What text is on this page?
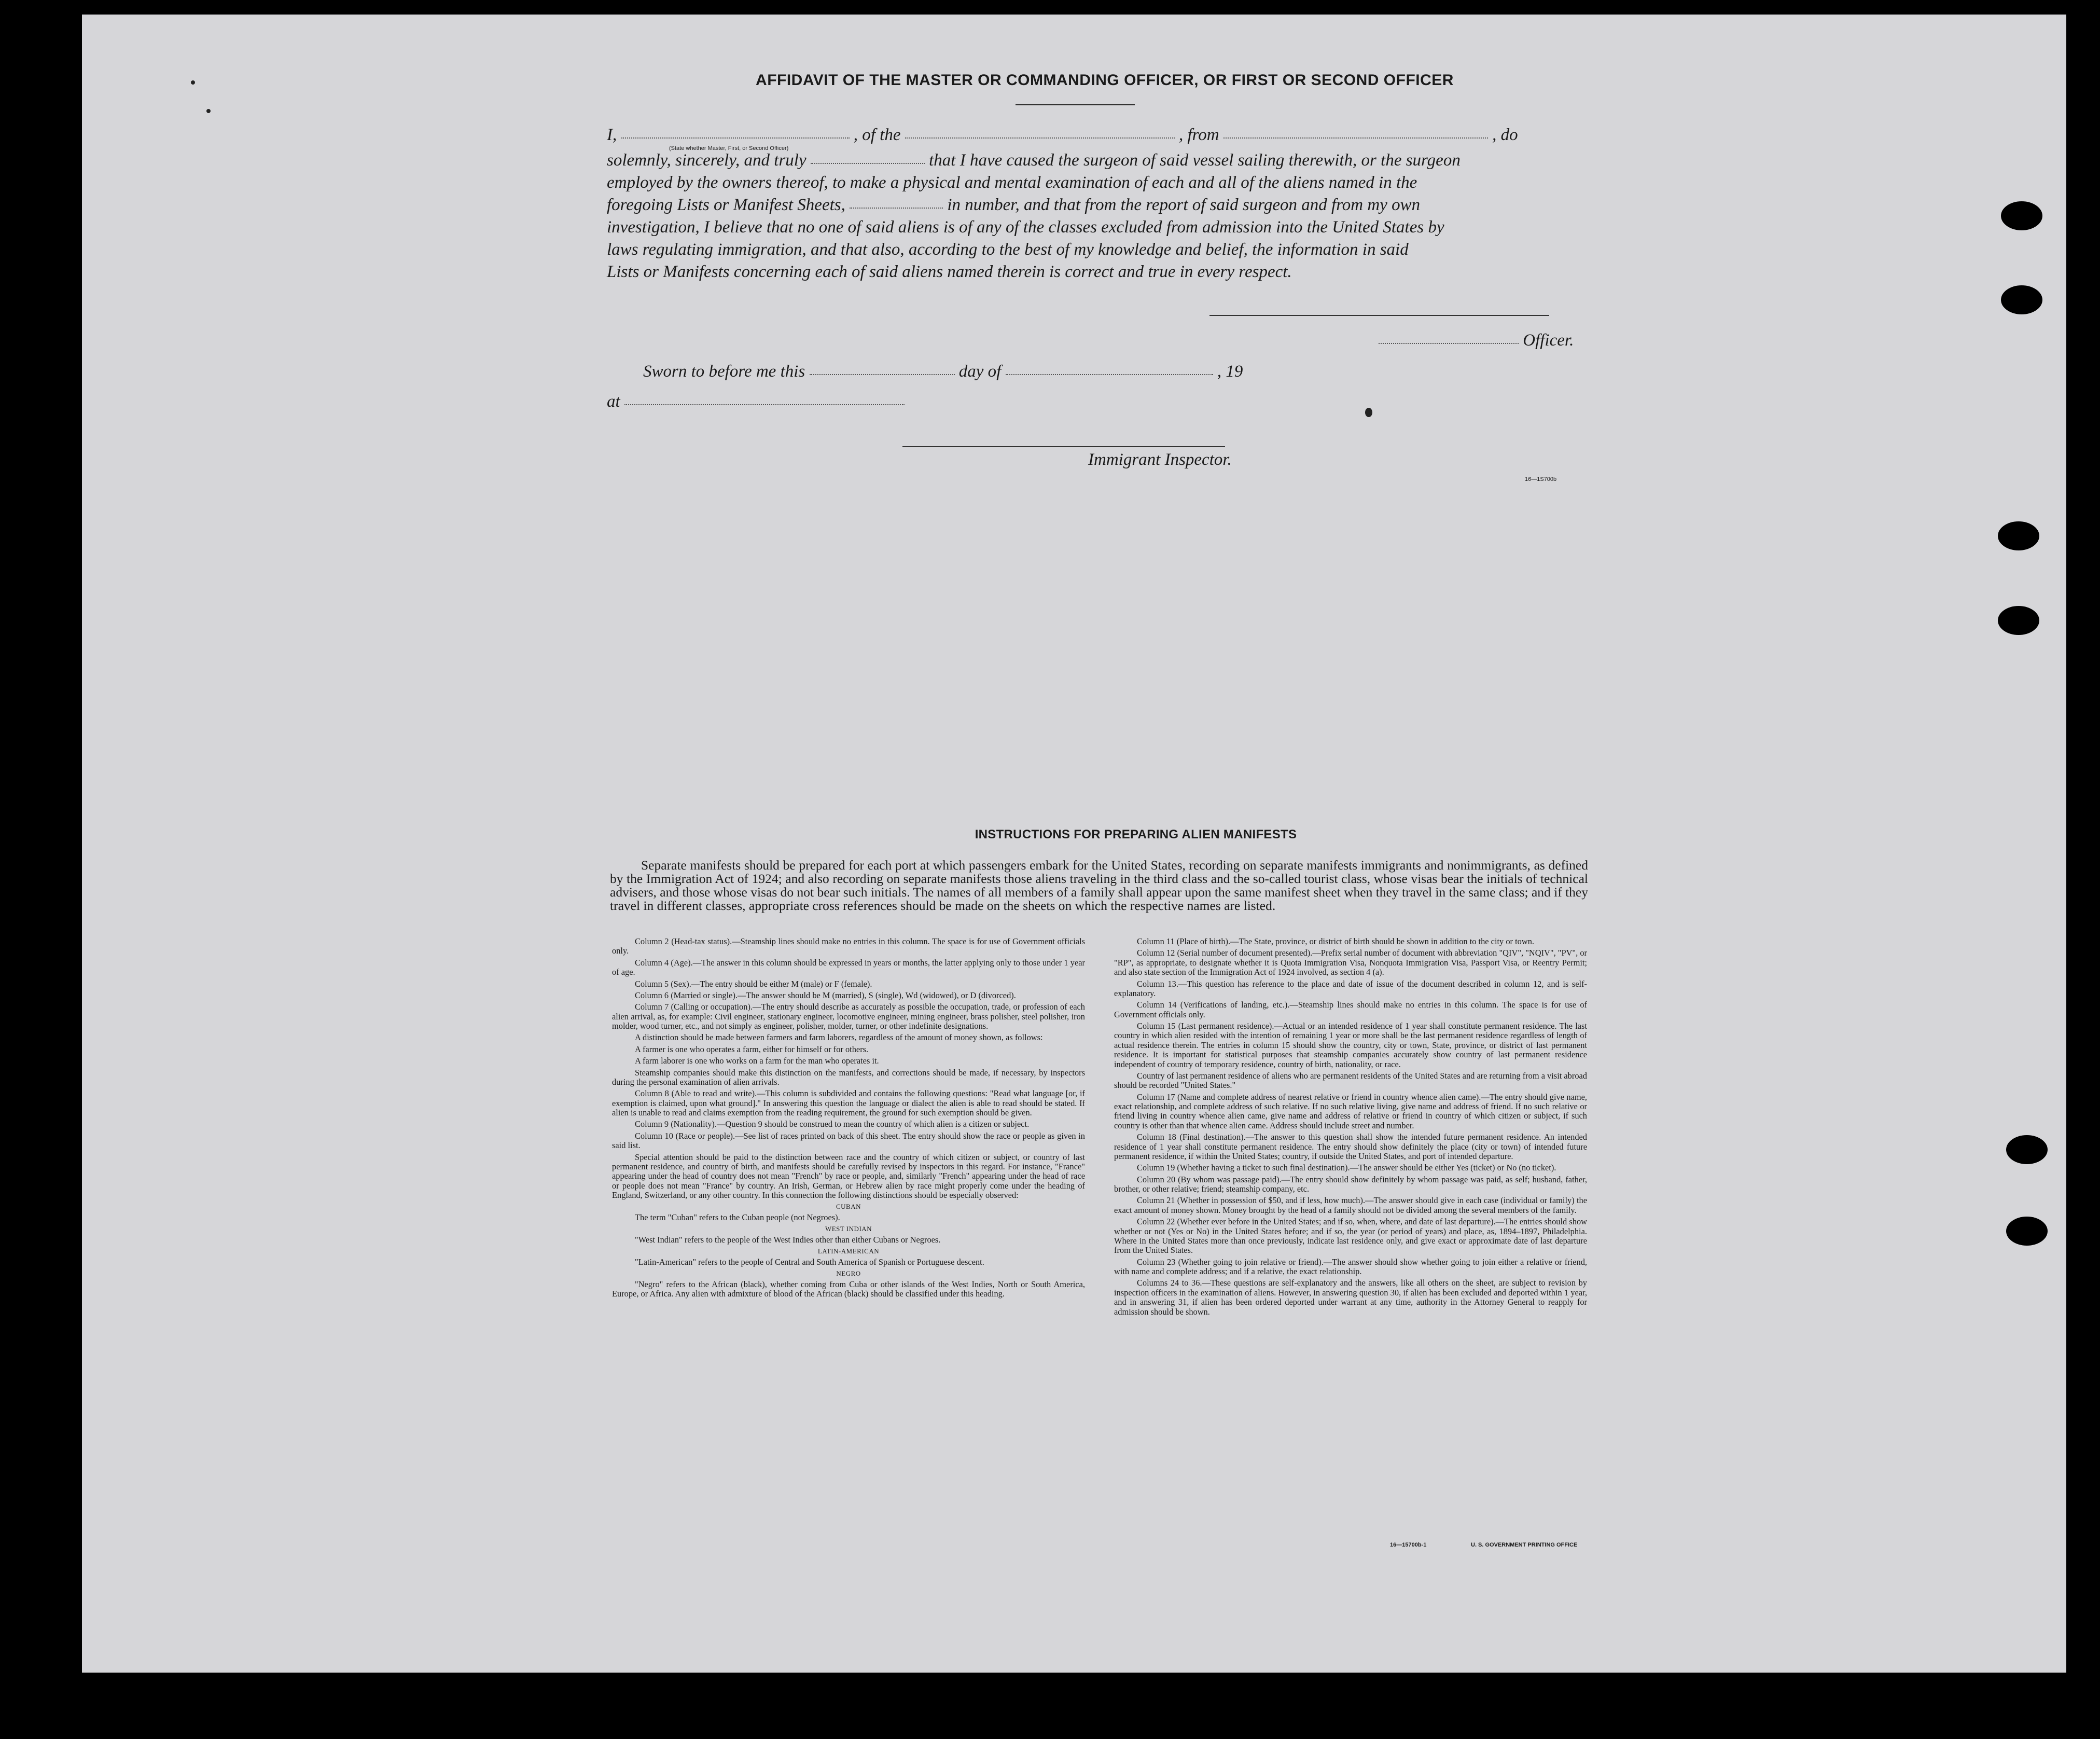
AFFIDAVIT OF THE MASTER OR COMMANDING OFFICER, OR FIRST OR SECOND OFFICER
I,	, of the	, from	, do
(State whether Master, First, or Second Officer)
solemnly, sincerely, and truly	that I have caused the surgeon of said vessel sailing therewith, or the surgeon
employed by the owners thereof, to make a physical and mental examination of each and all of the aliens named in the
foregoing Lists or Manifest Sheets,	in number, and that from the report of said surgeon and from my own
investigation, I believe that no one of said aliens is of any of the classes excluded from admission into the United States by
laws regulating immigration, and that also, according to the best of my knowledge and belief, the information in said
Lists or Manifests concerning each of said aliens named therein is correct and true in every respect.
Officer.
Sworn to before me this	day of	, 19
at
Immigrant Inspector.
16—1S700b
INSTRUCTIONS FOR PREPARING ALIEN MANIFESTS
Separate manifests should be prepared for each port at which passengers embark for the United States, recording on separate manifests immigrants and nonimmigrants, as defined by the Immigration Act of 1924; and also recording on separate manifests those aliens traveling in the third class and the so-called tourist class, whose visas bear the initials of technical advisers, and those whose visas do not bear such initials. The names of all members of a family shall appear upon the same manifest sheet when they travel in the same class; and if they travel in different classes, appropriate cross references should be made on the sheets on which the respective names are listed.

Column 2 (Head-tax status).—Steamship lines should make no entries in this column. The space is for use of Government officials only.

Column 4 (Age).—The answer in this column should be expressed in years or months, the latter applying only to those under 1 year of age.

Column 5 (Sex).—The entry should be either M (male) or F (female).

Column 6 (Married or single).—The answer should be M (married), S (single), Wd (widowed), or D (divorced).

Column 7 (Calling or occupation).—The entry should describe as accurately as possible the occupation, trade, or profession of each alien arrival, as, for example: Civil engineer, stationary engineer, locomotive engineer, mining engineer, brass polisher, steel polisher, iron molder, wood turner, etc., and not simply as engineer, polisher, molder, turner, or other indefinite designations.

A distinction should be made between farmers and farm laborers, regardless of the amount of money shown, as follows:

A farmer is one who operates a farm, either for himself or for others.

A farm laborer is one who works on a farm for the man who operates it.

Steamship companies should make this distinction on the manifests, and corrections should be made, if necessary, by inspectors during the personal examination of alien arrivals.

Column 8 (Able to read and write).—This column is subdivided and contains the following questions: "Read what language [or, if exemption is claimed, upon what ground]." In answering this question the language or dialect the alien is able to read should be stated. If alien is unable to read and claims exemption from the reading requirement, the ground for such exemption should be given.

Column 9 (Nationality).—Question 9 should be construed to mean the country of which alien is a citizen or subject.

Column 10 (Race or people).—See list of races printed on back of this sheet. The entry should show the race or people as given in said list.

Special attention should be paid to the distinction between race and the country of which citizen or subject, or country of last permanent residence, and country of birth, and manifests should be carefully revised by inspectors in this regard. For instance, "France" appearing under the head of country does not mean "French" by race or people, and, similarly "French" appearing under the head of race or people does not mean "France" by country. An Irish, German, or Hebrew alien by race might properly come under the heading of England, Switzerland, or any other country. In this connection the following distinctions should be especially observed:

CUBAN

The term "Cuban" refers to the Cuban people (not Negroes).

WEST INDIAN

"West Indian" refers to the people of the West Indies other than either Cubans or Negroes.

LATIN-AMERICAN

"Latin-American" refers to the people of Central and South America of Spanish or Portuguese descent.

NEGRO

"Negro" refers to the African (black), whether coming from Cuba or other islands of the West Indies, North or South America, Europe, or Africa. Any alien with admixture of blood of the African (black) should be classified under this heading.

Column 11 (Place of birth).—The State, province, or district of birth should be shown in addition to the city or town.

Column 12 (Serial number of document presented).—Prefix serial number of document with abbreviation "QIV", "NQIV", "PV", or "RP", as appropriate, to designate whether it is Quota Immigration Visa, Nonquota Immigration Visa, Passport Visa, or Reentry Permit; and also state section of the Immigration Act of 1924 involved, as section 4 (a).

Column 13.—This question has reference to the place and date of issue of the document described in column 12, and is self-explanatory.

Column 14 (Verifications of landing, etc.).—Steamship lines should make no entries in this column. The space is for use of Government officials only.

Column 15 (Last permanent residence).—Actual or an intended residence of 1 year shall constitute permanent residence. The last country in which alien resided with the intention of remaining 1 year or more shall be the last permanent residence regardless of length of actual residence therein. The entries in column 15 should show the country, city or town, State, province, or district of last permanent residence. It is important for statistical purposes that steamship companies accurately show country of last permanent residence independent of country of temporary residence, country of birth, nationality, or race.

Country of last permanent residence of aliens who are permanent residents of the United States and are returning from a visit abroad should be recorded "United States."

Column 17 (Name and complete address of nearest relative or friend in country whence alien came).—The entry should give name, exact relationship, and complete address of such relative. If no such relative living, give name and address of friend. If no such relative or friend living in country whence alien came, give name and address of relative or friend in country of which citizen or subject, if such country is other than that whence alien came. Address should include street and number.

Column 18 (Final destination).—The answer to this question shall show the intended future permanent residence. An intended residence of 1 year shall constitute permanent residence. The entry should show definitely the place (city or town) of intended future permanent residence, if within the United States; country, if outside the United States, and port of intended departure.

Column 19 (Whether having a ticket to such final destination).—The answer should be either Yes (ticket) or No (no ticket).

Column 20 (By whom was passage paid).—The entry should show definitely by whom passage was paid, as self; husband, father, brother, or other relative; friend; steamship company, etc.

Column 21 (Whether in possession of $50, and if less, how much).—The answer should give in each case (individual or family) the exact amount of money shown. Money brought by the head of a family should not be divided among the several members of the family.

Column 22 (Whether ever before in the United States; and if so, when, where, and date of last departure).—The entries should show whether or not (Yes or No) in the United States before; and if so, the year (or period of years) and place, as, 1894–1897, Philadelphia. Where in the United States more than once previously, indicate last residence only, and give exact or approximate date of last departure from the United States.

Column 23 (Whether going to join relative or friend).—The answer should show whether going to join either a relative or friend, with name and complete address; and if a relative, the exact relationship.

Columns 24 to 36.—These questions are self-explanatory and the answers, like all others on the sheet, are subject to revision by inspection officers in the examination of aliens. However, in answering question 30, if alien has been excluded and deported within 1 year, and in answering 31, if alien has been ordered deported under warrant at any time, authority in the Attorney General to reapply for admission should be shown.

16—15700b-1	U. S. GOVERNMENT PRINTING OFFICE
